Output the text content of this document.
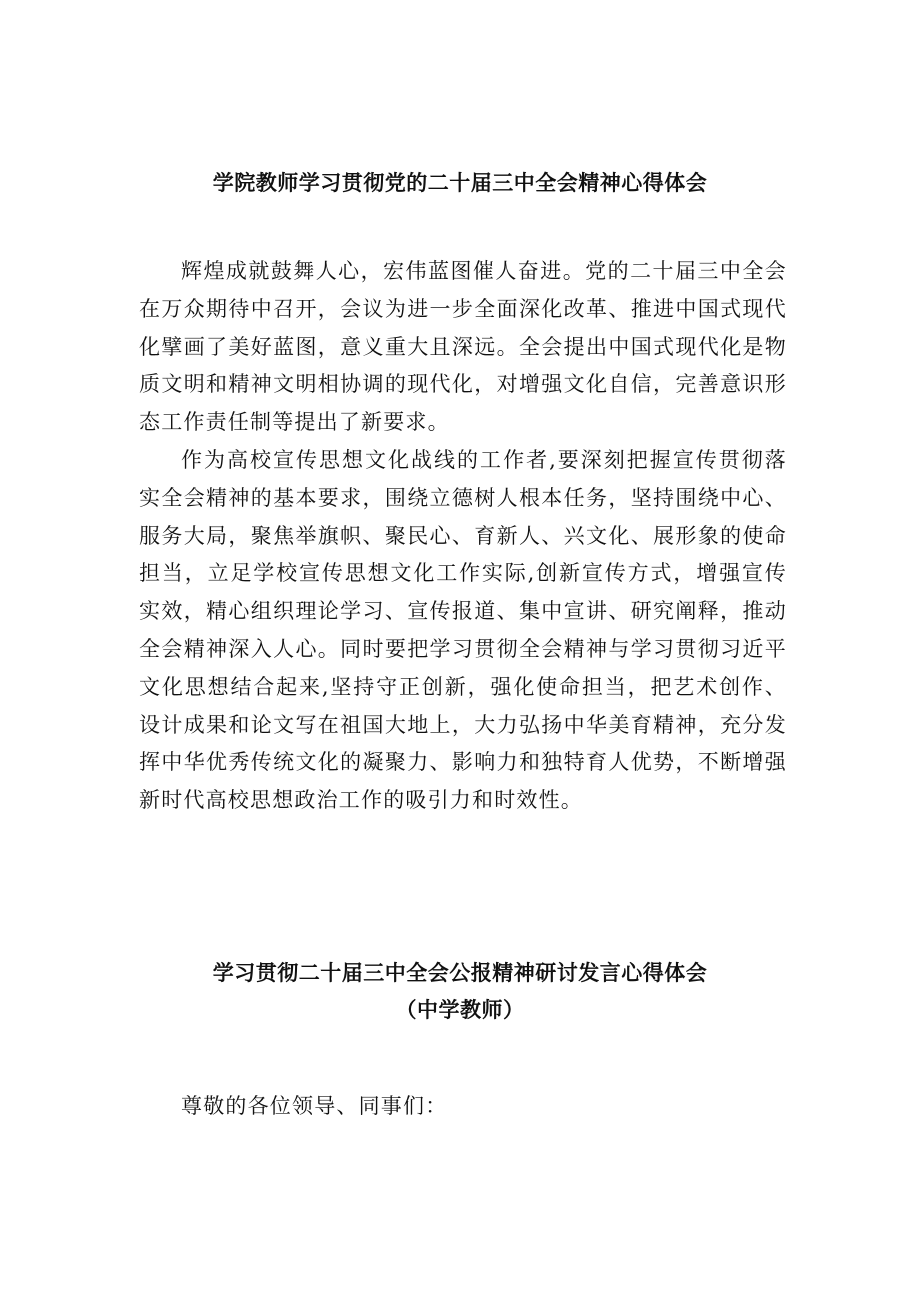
学院教师学习贯彻党的二十届三中全会精神心得体会

辉煌成就鼓舞人心，宏伟蓝图催人奋进。党的二十届三中全会在万众期待中召开，会议为进一步全面深化改革、推进中国式现代化擘画了美好蓝图，意义重大且深远。全会提出中国式现代化是物质文明和精神文明相协调的现代化，对增强文化自信，完善意识形态工作责任制等提出了新要求。

作为高校宣传思想文化战线的工作者,要深刻把握宣传贯彻落实全会精神的基本要求，围绕立德树人根本任务，坚持围绕中心、服务大局，聚焦举旗帜、聚民心、育新人、兴文化、展形象的使命担当，立足学校宣传思想文化工作实际,创新宣传方式，增强宣传实效，精心组织理论学习、宣传报道、集中宣讲、研究阐释，推动全会精神深入人心。同时要把学习贯彻全会精神与学习贯彻习近平文化思想结合起来,坚持守正创新，强化使命担当，把艺术创作、设计成果和论文写在祖国大地上，大力弘扬中华美育精神，充分发挥中华优秀传统文化的凝聚力、影响力和独特育人优势，不断增强新时代高校思想政治工作的吸引力和时效性。

学习贯彻二十届三中全会公报精神研讨发言心得体会
（中学教师）

尊敬的各位领导、同事们：
